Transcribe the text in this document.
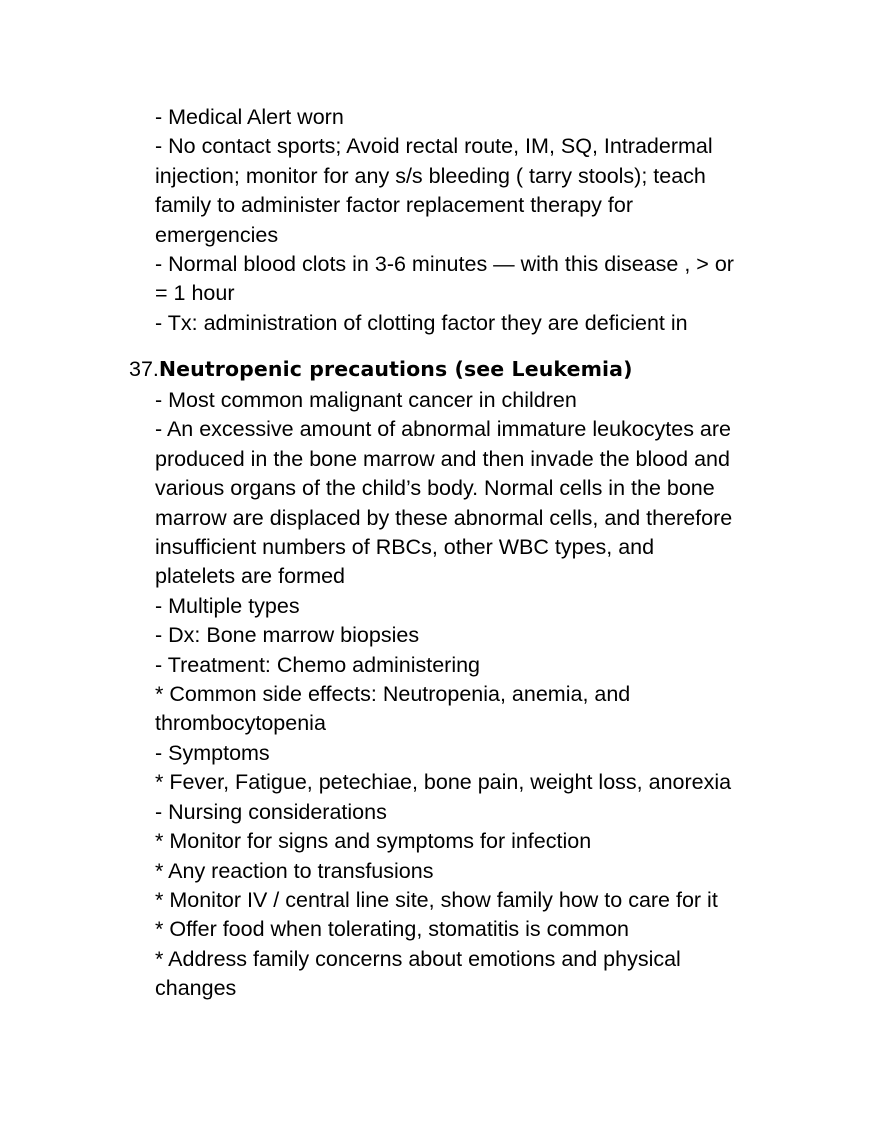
- Medical Alert worn
- No contact sports; Avoid rectal route, IM, SQ, Intradermal
injection; monitor for any s/s bleeding ( tarry stools); teach
family to administer factor replacement therapy for
emergencies
- Normal blood clots in 3-6 minutes — with this disease , > or
= 1 hour
- Tx: administration of clotting factor they are deficient in
37.Neutropenic precautions (see Leukemia)
- Most common malignant cancer in children
- An excessive amount of abnormal immature leukocytes are
produced in the bone marrow and then invade the blood and
various organs of the child’s body. Normal cells in the bone
marrow are displaced by these abnormal cells, and therefore
insufficient numbers of RBCs, other WBC types, and
platelets are formed
- Multiple types
- Dx: Bone marrow biopsies
- Treatment: Chemo administering
* Common side effects: Neutropenia, anemia, and
thrombocytopenia
- Symptoms
* Fever, Fatigue, petechiae, bone pain, weight loss, anorexia
- Nursing considerations
* Monitor for signs and symptoms for infection
* Any reaction to transfusions
* Monitor IV / central line site, show family how to care for it
* Offer food when tolerating, stomatitis is common
* Address family concerns about emotions and physical
changes
